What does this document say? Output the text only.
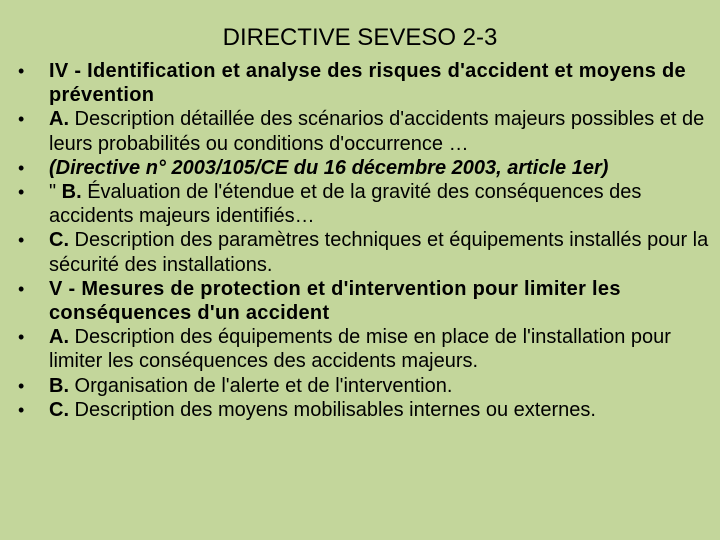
DIRECTIVE SEVESO 2-3
• IV - Identification et analyse des risques d'accident et moyens de prévention
• A. Description détaillée des scénarios d'accidents majeurs possibles et de leurs probabilités ou conditions d'occurrence …
• (Directive n° 2003/105/CE du 16 décembre 2003, article 1er)
• " B. Évaluation de l'étendue et de la gravité des conséquences des accidents majeurs identifiés…
• C. Description des paramètres techniques et équipements installés pour la sécurité des installations.
• V - Mesures de protection et d'intervention pour limiter les conséquences d'un accident
• A. Description des équipements de mise en place de l'installation pour limiter les conséquences des accidents majeurs.
• B. Organisation de l'alerte et de l'intervention.
• C. Description des moyens mobilisables internes ou externes.
